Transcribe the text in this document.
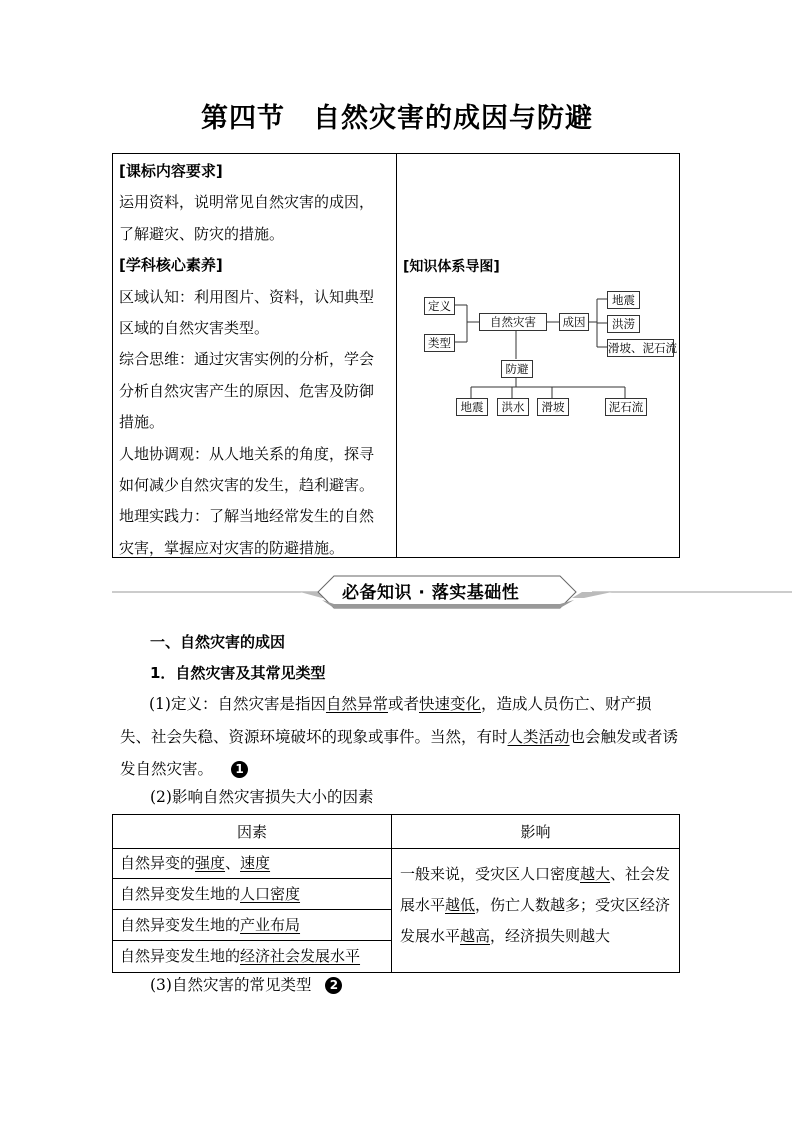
第四节 自然灾害的成因与防避

[课标内容要求]

运用资料，说明常见自然灾害的成因，

了解避灾、防灾的措施。

[学科核心素养]

区域认知：利用图片、资料，认知典型

区域的自然灾害类型。

综合思维：通过灾害实例的分析，学会

分析自然灾害产生的原因、危害及防御

措施。

人地协调观：从人地关系的角度，探寻

如何减少自然灾害的发生，趋利避害。

地理实践力：了解当地经常发生的自然

灾害，掌握应对灾害的防避措施。

[知识体系导图]
定义
类型
自然灾害	成因
地震
洪涝
滑坡、泥石流
防避
地震	洪水	滑坡	泥石流
必备知识 · 落实基础性
一、自然灾害的成因
1．自然灾害及其常见类型
(1)定义：自然灾害是指因自然异常或者快速变化，造成人员伤亡、财产损失、社会失稳、资源环境破坏的现象或事件。当然，有时人类活动也会触发或者诱发自然灾害。 1
(2)影响自然灾害损失大小的因素
因素	影响
自然异变的强度、速度
自然异变发生地的人口密度
自然异变发生地的产业布局
自然异变发生地的经济社会发展水平
一般来说，受灾区人口密度越大、社会发展水平越低，伤亡人数越多；受灾区经济发展水平越高，经济损失则越大
(3)自然灾害的常见类型 2
